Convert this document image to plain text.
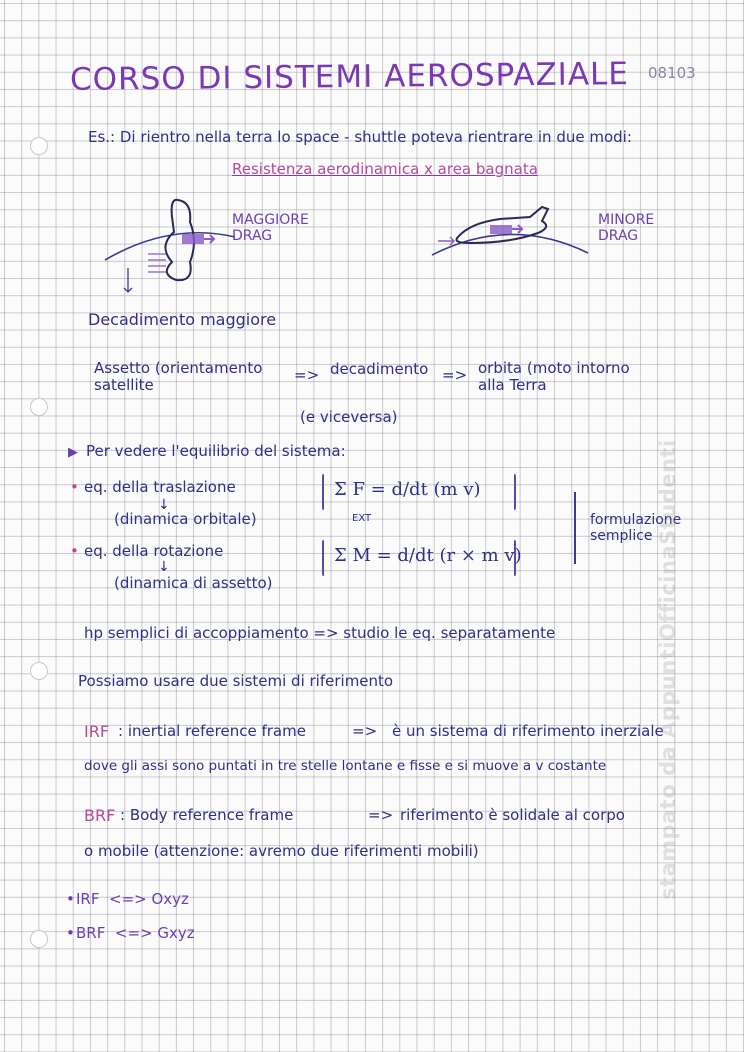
CORSO DI SISTEMI AEROSPAZIALE 08103
Es.: Di rientro nella terra lo space - shuttle poteva rientrare in due modi:
Resistenza aerodinamica x area bagnata
MAGGIORE
DRAG
Decadimento maggiore
MINORE
DRAG
Assetto (orientamento
satellite
=> decadimento => orbita (moto intorno
alla Terra
(e viceversa)
▶ Per vedere l'equilibrio del sistema:
• eq. della traslazione
↓
(dinamica orbitale)
Σ F = d/dt (m v)
EXT
• eq. della rotazione
↓
(dinamica di assetto)
Σ M = d/dt (r × m v)
formulazione
semplice
hp semplici di accoppiamento => studio le eq. separatamente
Possiamo usare due sistemi di riferimento
IRF : inertial reference frame	=> è un sistema di riferimento inerziale
dove gli assi sono puntati in tre stelle lontane e fisse e si muove a v costante
BRF : Body reference frame	=> riferimento è solidale al corpo
o mobile (attenzione: avremo due riferimenti mobili)
IRF  <=> Oxyz
•
BRF  <=> Gxyz
•
stampato da AppuntiOfficinaStudenti
